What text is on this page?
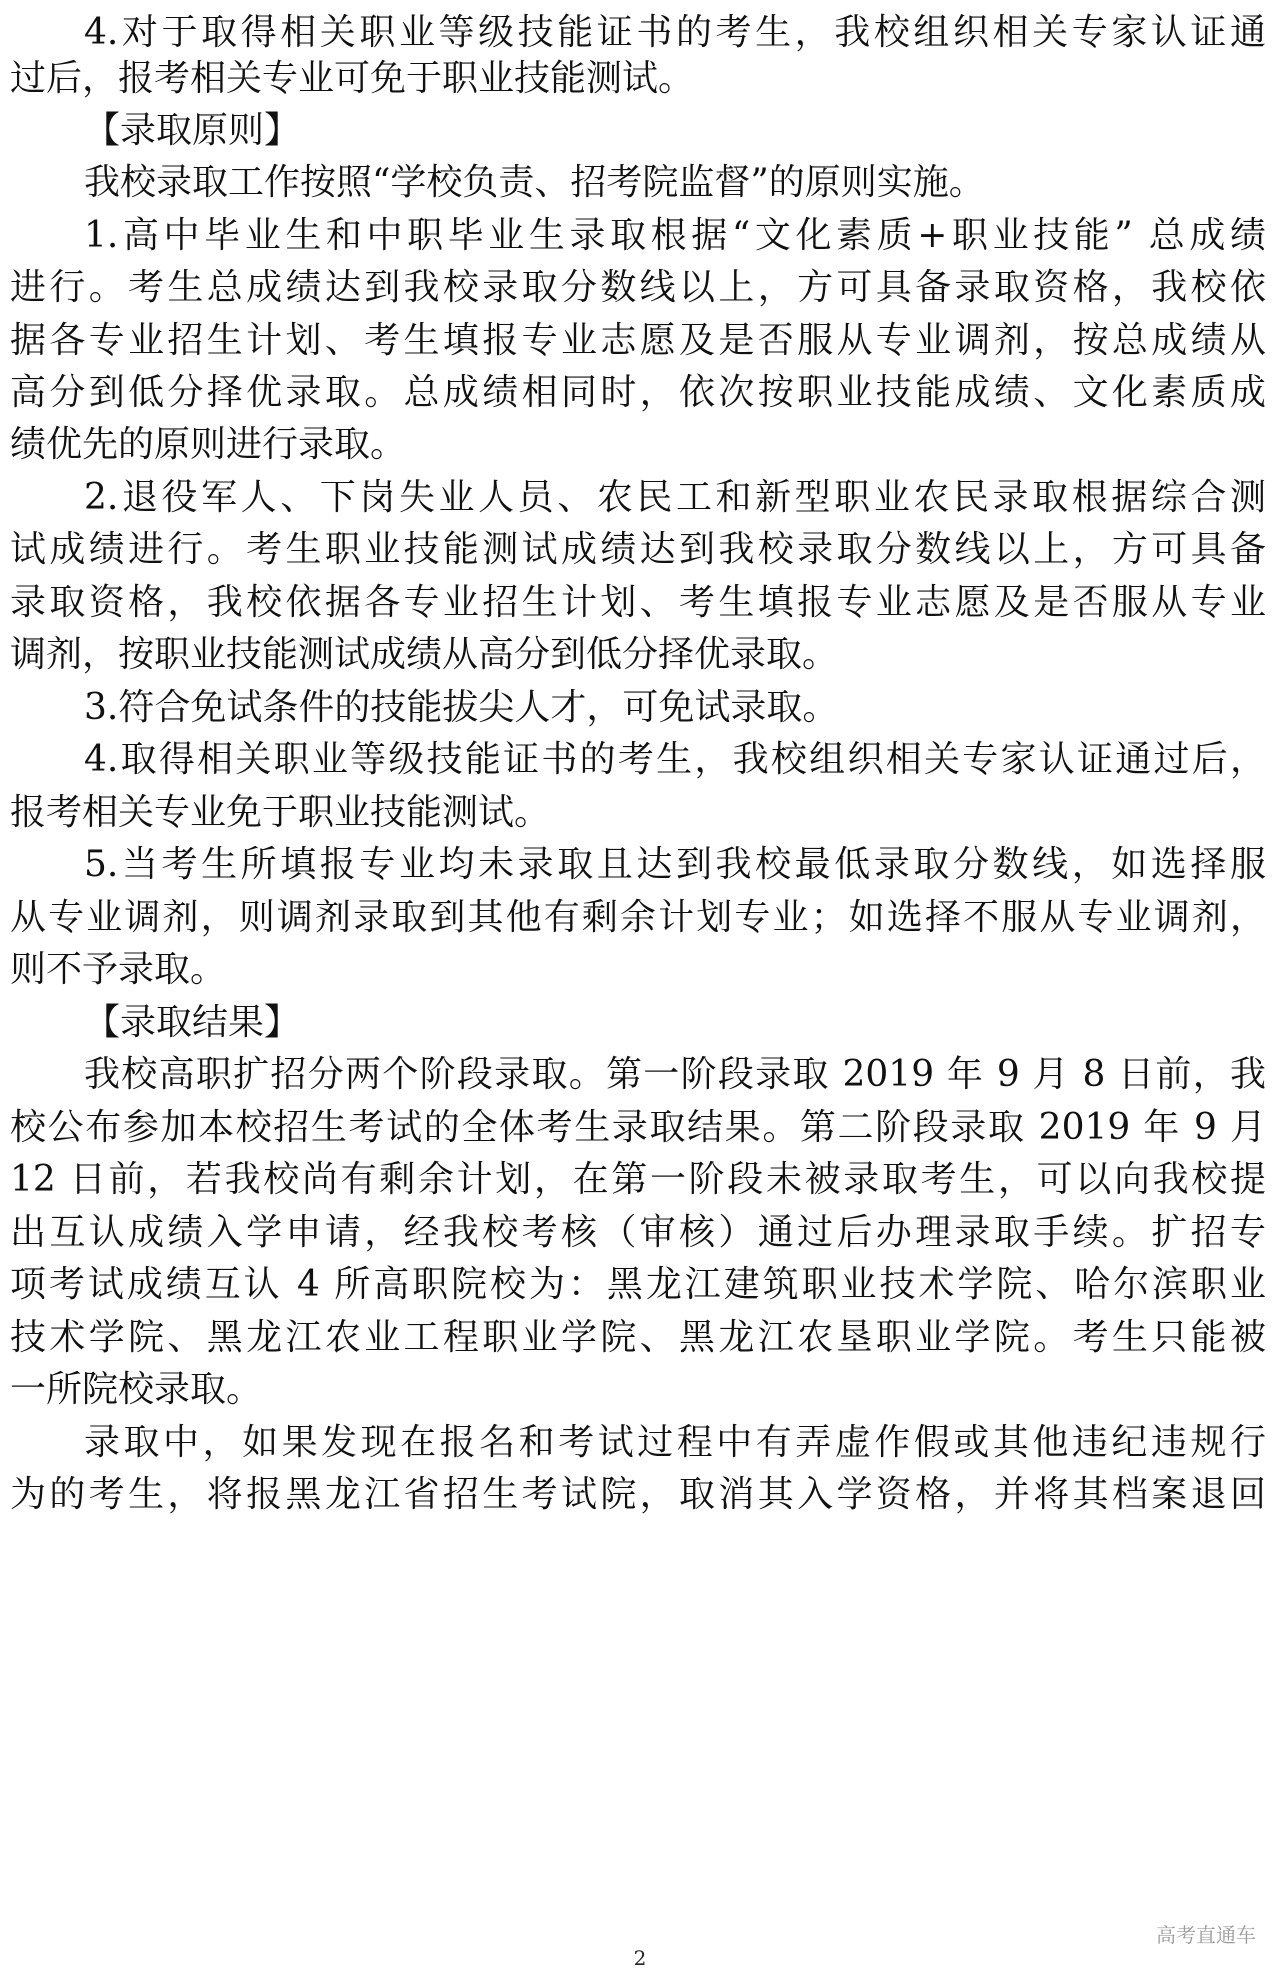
4.对于取得相关职业等级技能证书的考生，我校组织相关专家认证通
过后，报考相关专业可免于职业技能测试。
【录取原则】
我校录取工作按照“学校负责、招考院监督”的原则实施。
1.高中毕业生和中职毕业生录取根据“文化素质+职业技能” 总成绩
进行。考生总成绩达到我校录取分数线以上，方可具备录取资格，我校依
据各专业招生计划、考生填报专业志愿及是否服从专业调剂，按总成绩从
高分到低分择优录取。总成绩相同时，依次按职业技能成绩、文化素质成
绩优先的原则进行录取。
2.退役军人、下岗失业人员、农民工和新型职业农民录取根据综合测
试成绩进行。考生职业技能测试成绩达到我校录取分数线以上，方可具备
录取资格，我校依据各专业招生计划、考生填报专业志愿及是否服从专业
调剂，按职业技能测试成绩从高分到低分择优录取。
3.符合免试条件的技能拔尖人才，可免试录取。
4.取得相关职业等级技能证书的考生，我校组织相关专家认证通过后，
报考相关专业免于职业技能测试。
5.当考生所填报专业均未录取且达到我校最低录取分数线，如选择服
从专业调剂，则调剂录取到其他有剩余计划专业；如选择不服从专业调剂，
则不予录取。
【录取结果】
我校高职扩招分两个阶段录取。第一阶段录取 2019 年 9 月 8 日前，我
校公布参加本校招生考试的全体考生录取结果。第二阶段录取 2019 年 9 月
12 日前，若我校尚有剩余计划，在第一阶段未被录取考生，可以向我校提
出互认成绩入学申请，经我校考核（审核）通过后办理录取手续。扩招专
项考试成绩互认 4 所高职院校为：黑龙江建筑职业技术学院、哈尔滨职业
技术学院、黑龙江农业工程职业学院、黑龙江农垦职业学院。考生只能被
一所院校录取。
录取中，如果发现在报名和考试过程中有弄虚作假或其他违纪违规行
为的考生，将报黑龙江省招生考试院，取消其入学资格，并将其档案退回
高考直通车
2
